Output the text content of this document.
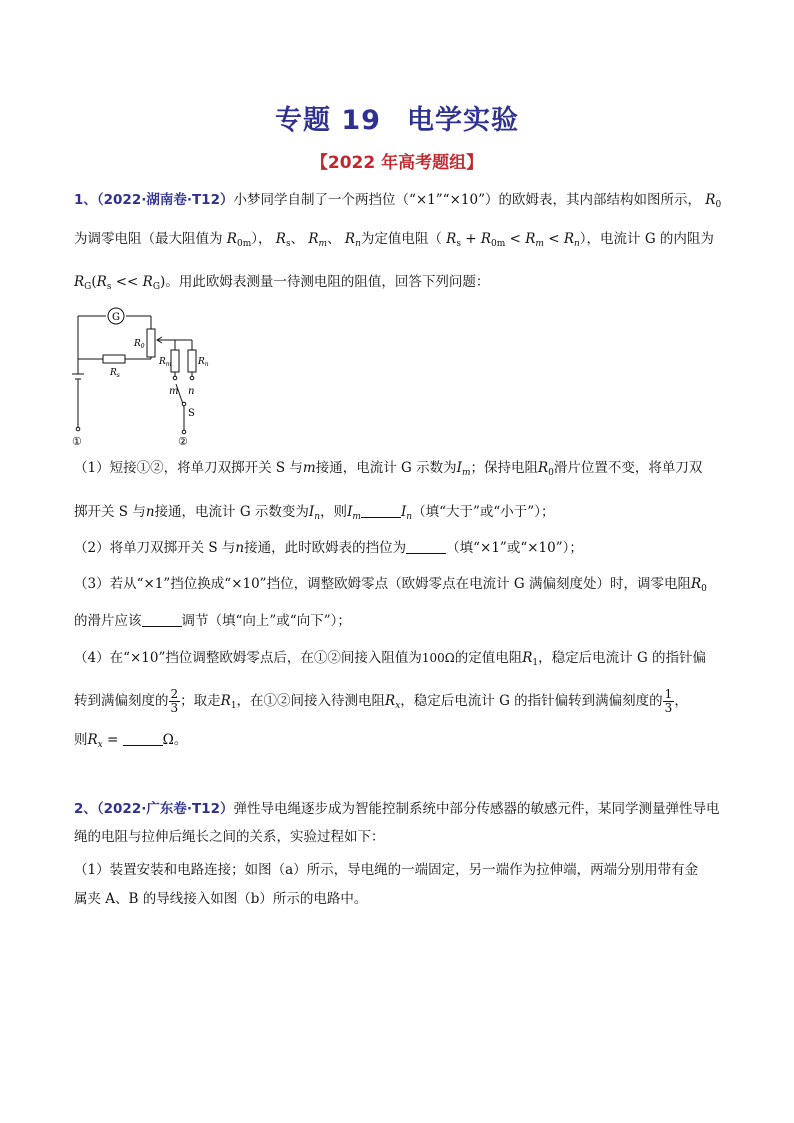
专题 19 电学实验
【2022 年高考题组】
1、（2022·湖南卷·T12）小梦同学自制了一个两挡位（“×1”“×10”）的欧姆表，其内部结构如图所示， $R_0$
为调零电阻（最大阻值为 $R_{0m}$）， $R_s$、 $R_m$、 $R_n$为定值电阻（ $R_s + R_{0m} < R_m < R_n$），电流计 G 的内阻为
$R_G(R_s << R_G)$。用此欧姆表测量一待测电阻的阻值，回答下列问题：
G
$R_0$
$R_s$
$R_m$	$R_n$
m n
S
①	②
（1）短接①②，将单刀双掷开关 S 与m接通，电流计 G 示数为$I_m$；保持电阻$R_0$滑片位置不变，将单刀双
掷开关 S 与n接通，电流计 G 示数变为$I_n$，则$I_m$	$I_n$（填“大于”或“小于”）；
（2）将单刀双掷开关 S 与n接通，此时欧姆表的挡位为	（填“×1”或“×10”）；
（3）若从“×1”挡位换成“×10”挡位，调整欧姆零点（欧姆零点在电流计 G 满偏刻度处）时，调零电阻$R_0$
的滑片应该	调节（填“向上”或“向下”）；
（4）在“×10”挡位调整欧姆零点后，在①②间接入阻值为100Ω的定值电阻$R_1$，稳定后电流计 G 的指针偏
转到满偏刻度的 $\frac{2}{3}$ ；取走$R_1$，在①②间接入待测电阻$R_x$，稳定后电流计 G 的指针偏转到满偏刻度的 $\frac{1}{3}$ ，
则$R_x$ =	Ω。
2、（2022·广东卷·T12）弹性导电绳逐步成为智能控制系统中部分传感器的敏感元件，某同学测量弹性导电
绳的电阻与拉伸后绳长之间的关系，实验过程如下：
（1）装置安装和电路连接；如图（a）所示，导电绳的一端固定，另一端作为拉伸端，两端分别用带有金
属夹 A、B 的导线接入如图（b）所示的电路中。
